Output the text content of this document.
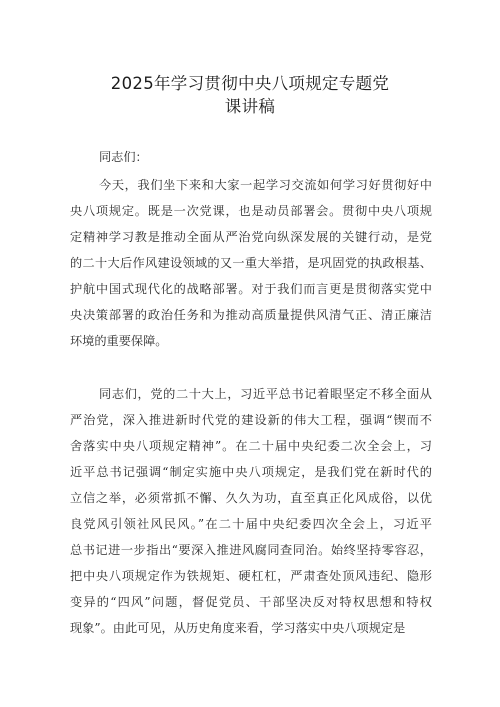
2025年学习贯彻中央八项规定专题党
课讲稿
同志们：
今天，我们坐下来和大家一起学习交流如何学习好贯彻好中
央八项规定。既是一次党课，也是动员部署会。贯彻中央八项规
定精神学习教是推动全面从严治党向纵深发展的关键行动，是党
的二十大后作风建设领域的又一重大举措，是巩固党的执政根基、
护航中国式现代化的战略部署。对于我们而言更是贯彻落实党中
央决策部署的政治任务和为推动高质量提供风清气正、清正廉洁
环境的重要保障。
同志们，党的二十大上，习近平总书记着眼坚定不移全面从
严治党，深入推进新时代党的建设新的伟大工程，强调“锲而不
舍落实中央八项规定精神”。在二十届中央纪委二次全会上，习
近平总书记强调“制定实施中央八项规定，是我们党在新时代的
立信之举，必须常抓不懈、久久为功，直至真正化风成俗，以优
良党风引领社风民风。”在二十届中央纪委四次全会上，习近平
总书记进一步指出“要深入推进风腐同查同治。始终坚持零容忍，
把中央八项规定作为铁规矩、硬杠杠，严肃查处顶风违纪、隐形
变异的“四风”问题，督促党员、干部坚决反对特权思想和特权
现象”。由此可见，从历史角度来看，学习落实中央八项规定是
